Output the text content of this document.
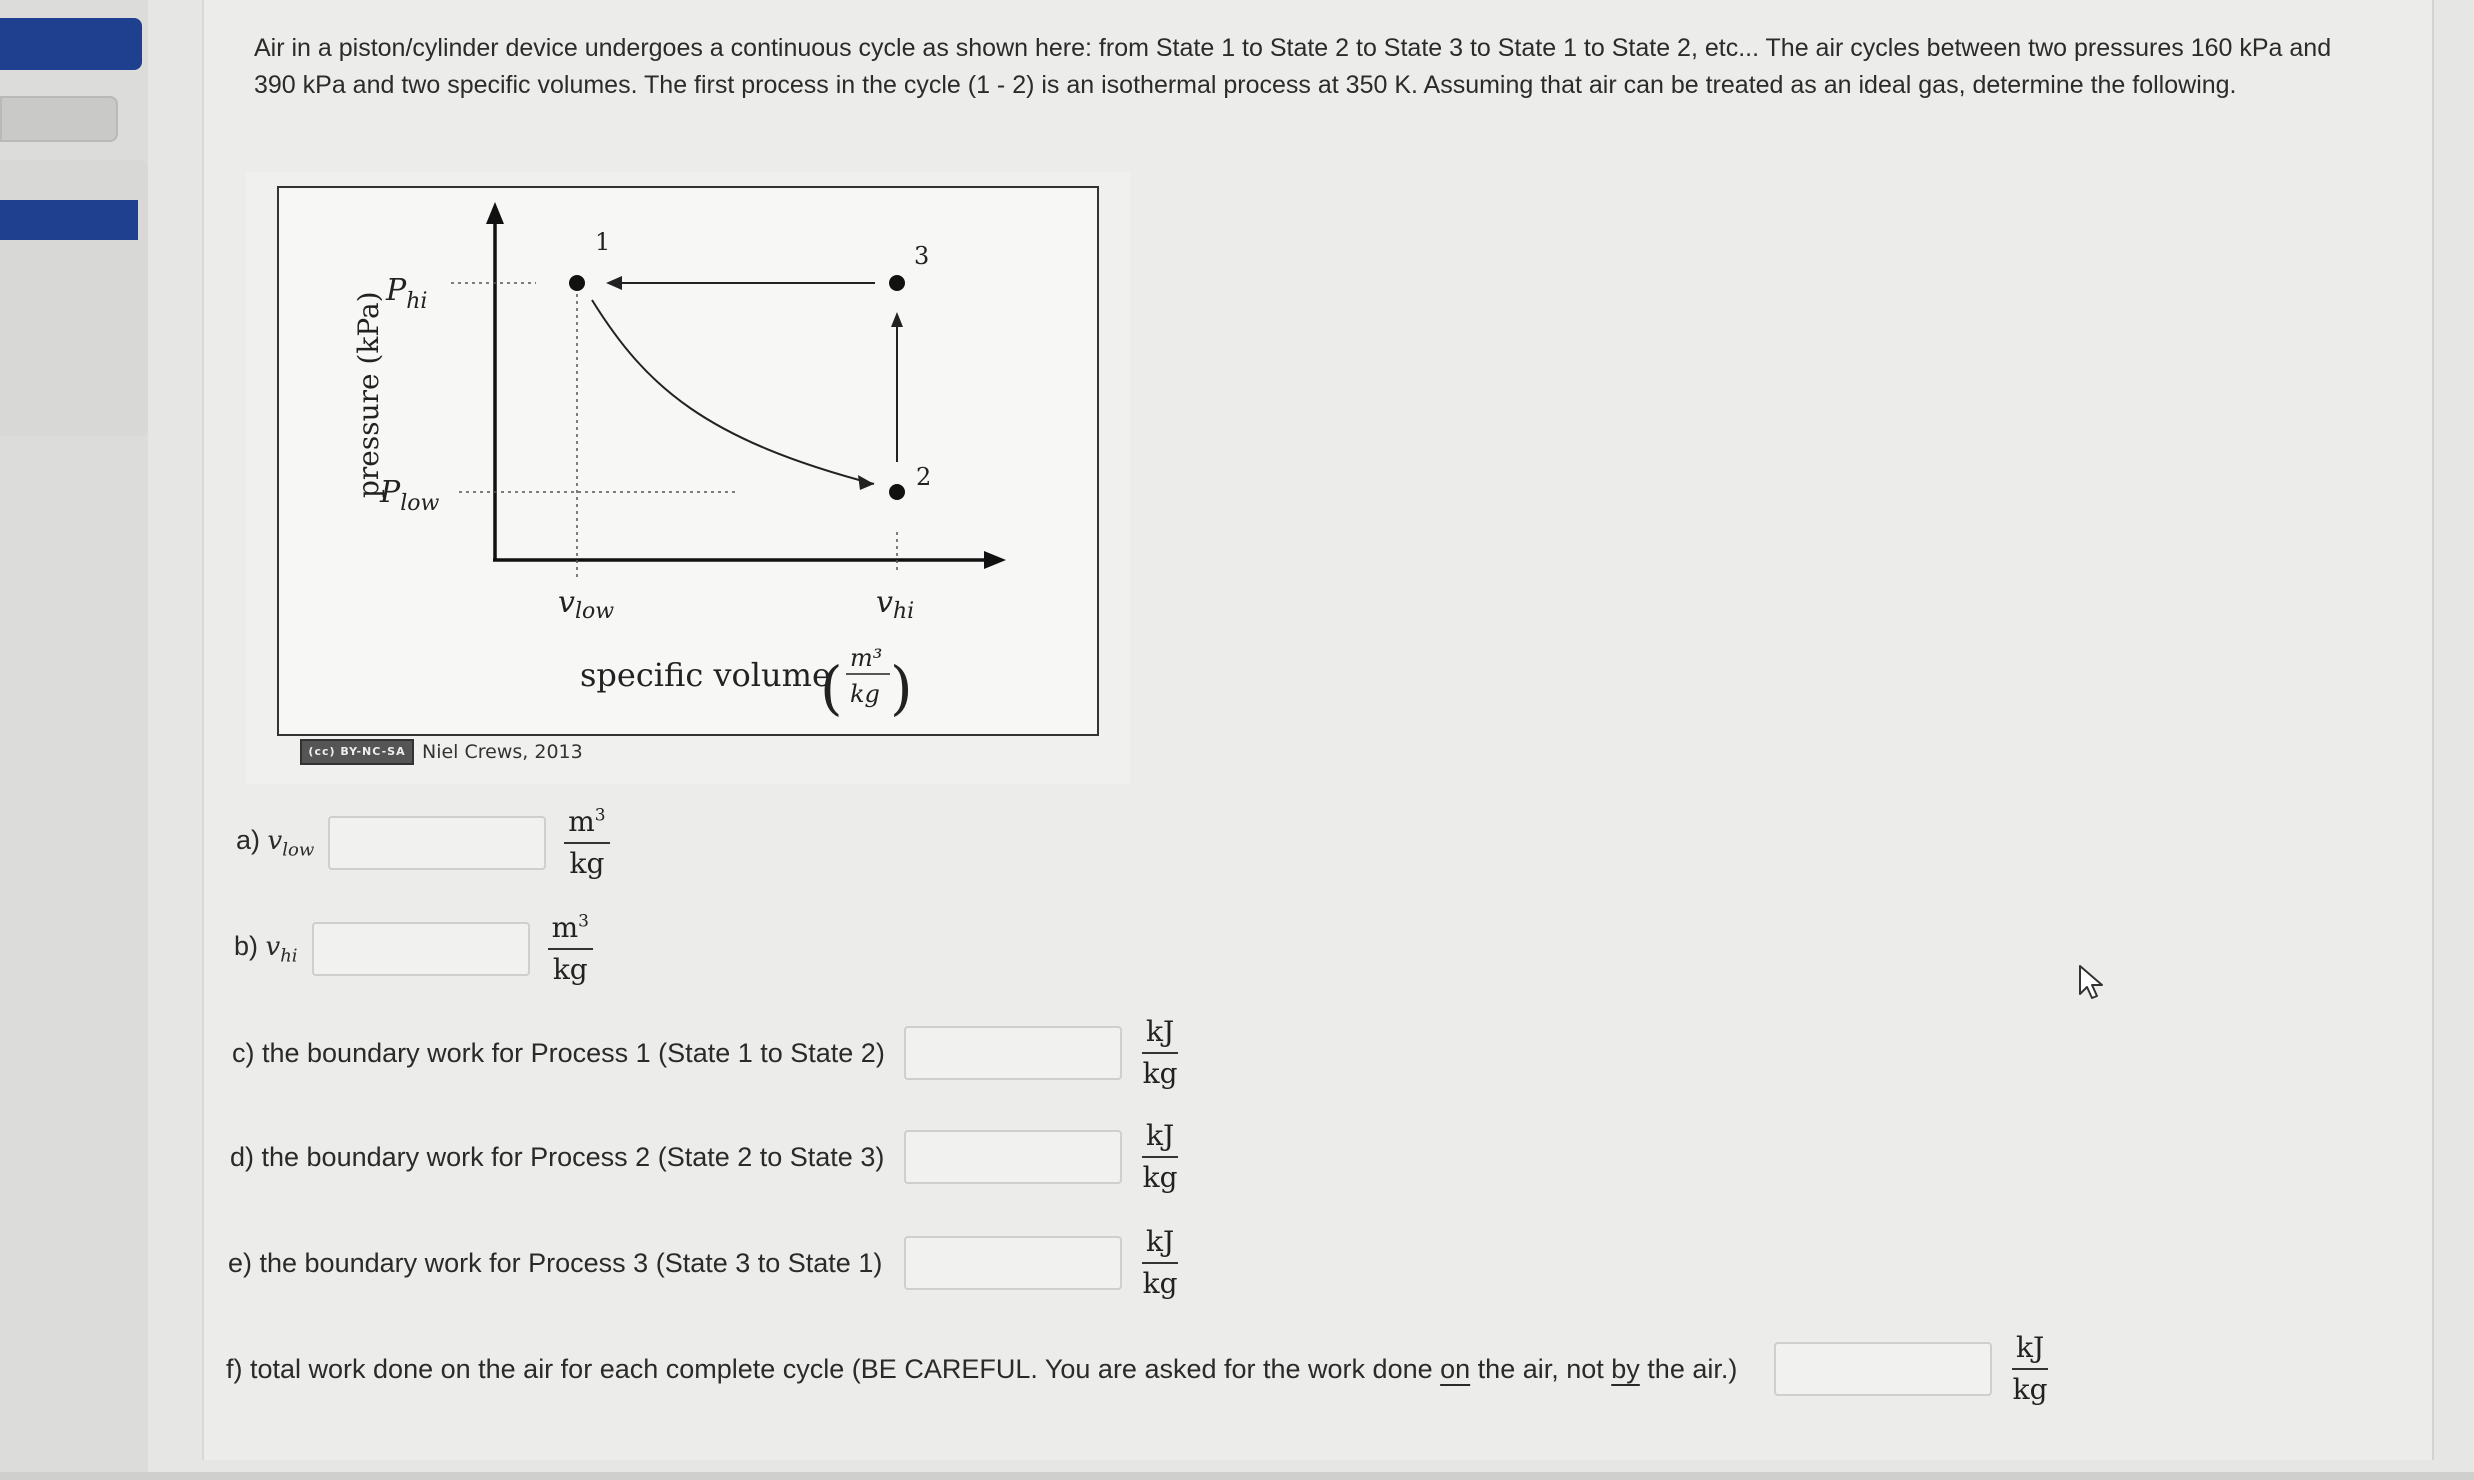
Air in a piston/cylinder device undergoes a continuous cycle as shown here: from State 1 to State 2 to State 3 to State 1 to State 2, etc... The air cycles between two pressures 160 kPa and 390 kPa and two specific volumes. The first process in the cycle (1 - 2) is an isothermal process at 350 K. Assuming that air can be treated as an ideal gas, determine the following.
1	3
2
$P_{hi}$
$P_{low}$
$v_{low}$	$v_{hi}$
pressure (kPa)
specific volume
( m³
kg )
(cc) BY-NC-SA Niel Crews, 2013
a) $v_{low}$
$m^3$
kg
b) $v_{hi}$
$m^3$
kg
c) the boundary work for Process 1 (State 1 to State 2)
kJ
kg
d) the boundary work for Process 2 (State 2 to State 3)
kJ
kg
e) the boundary work for Process 3 (State 3 to State 1)
kJ
kg
f) total work done on the air for each complete cycle (BE CAREFUL. You are asked for the work done on the air, not by the air.)
kJ
kg
